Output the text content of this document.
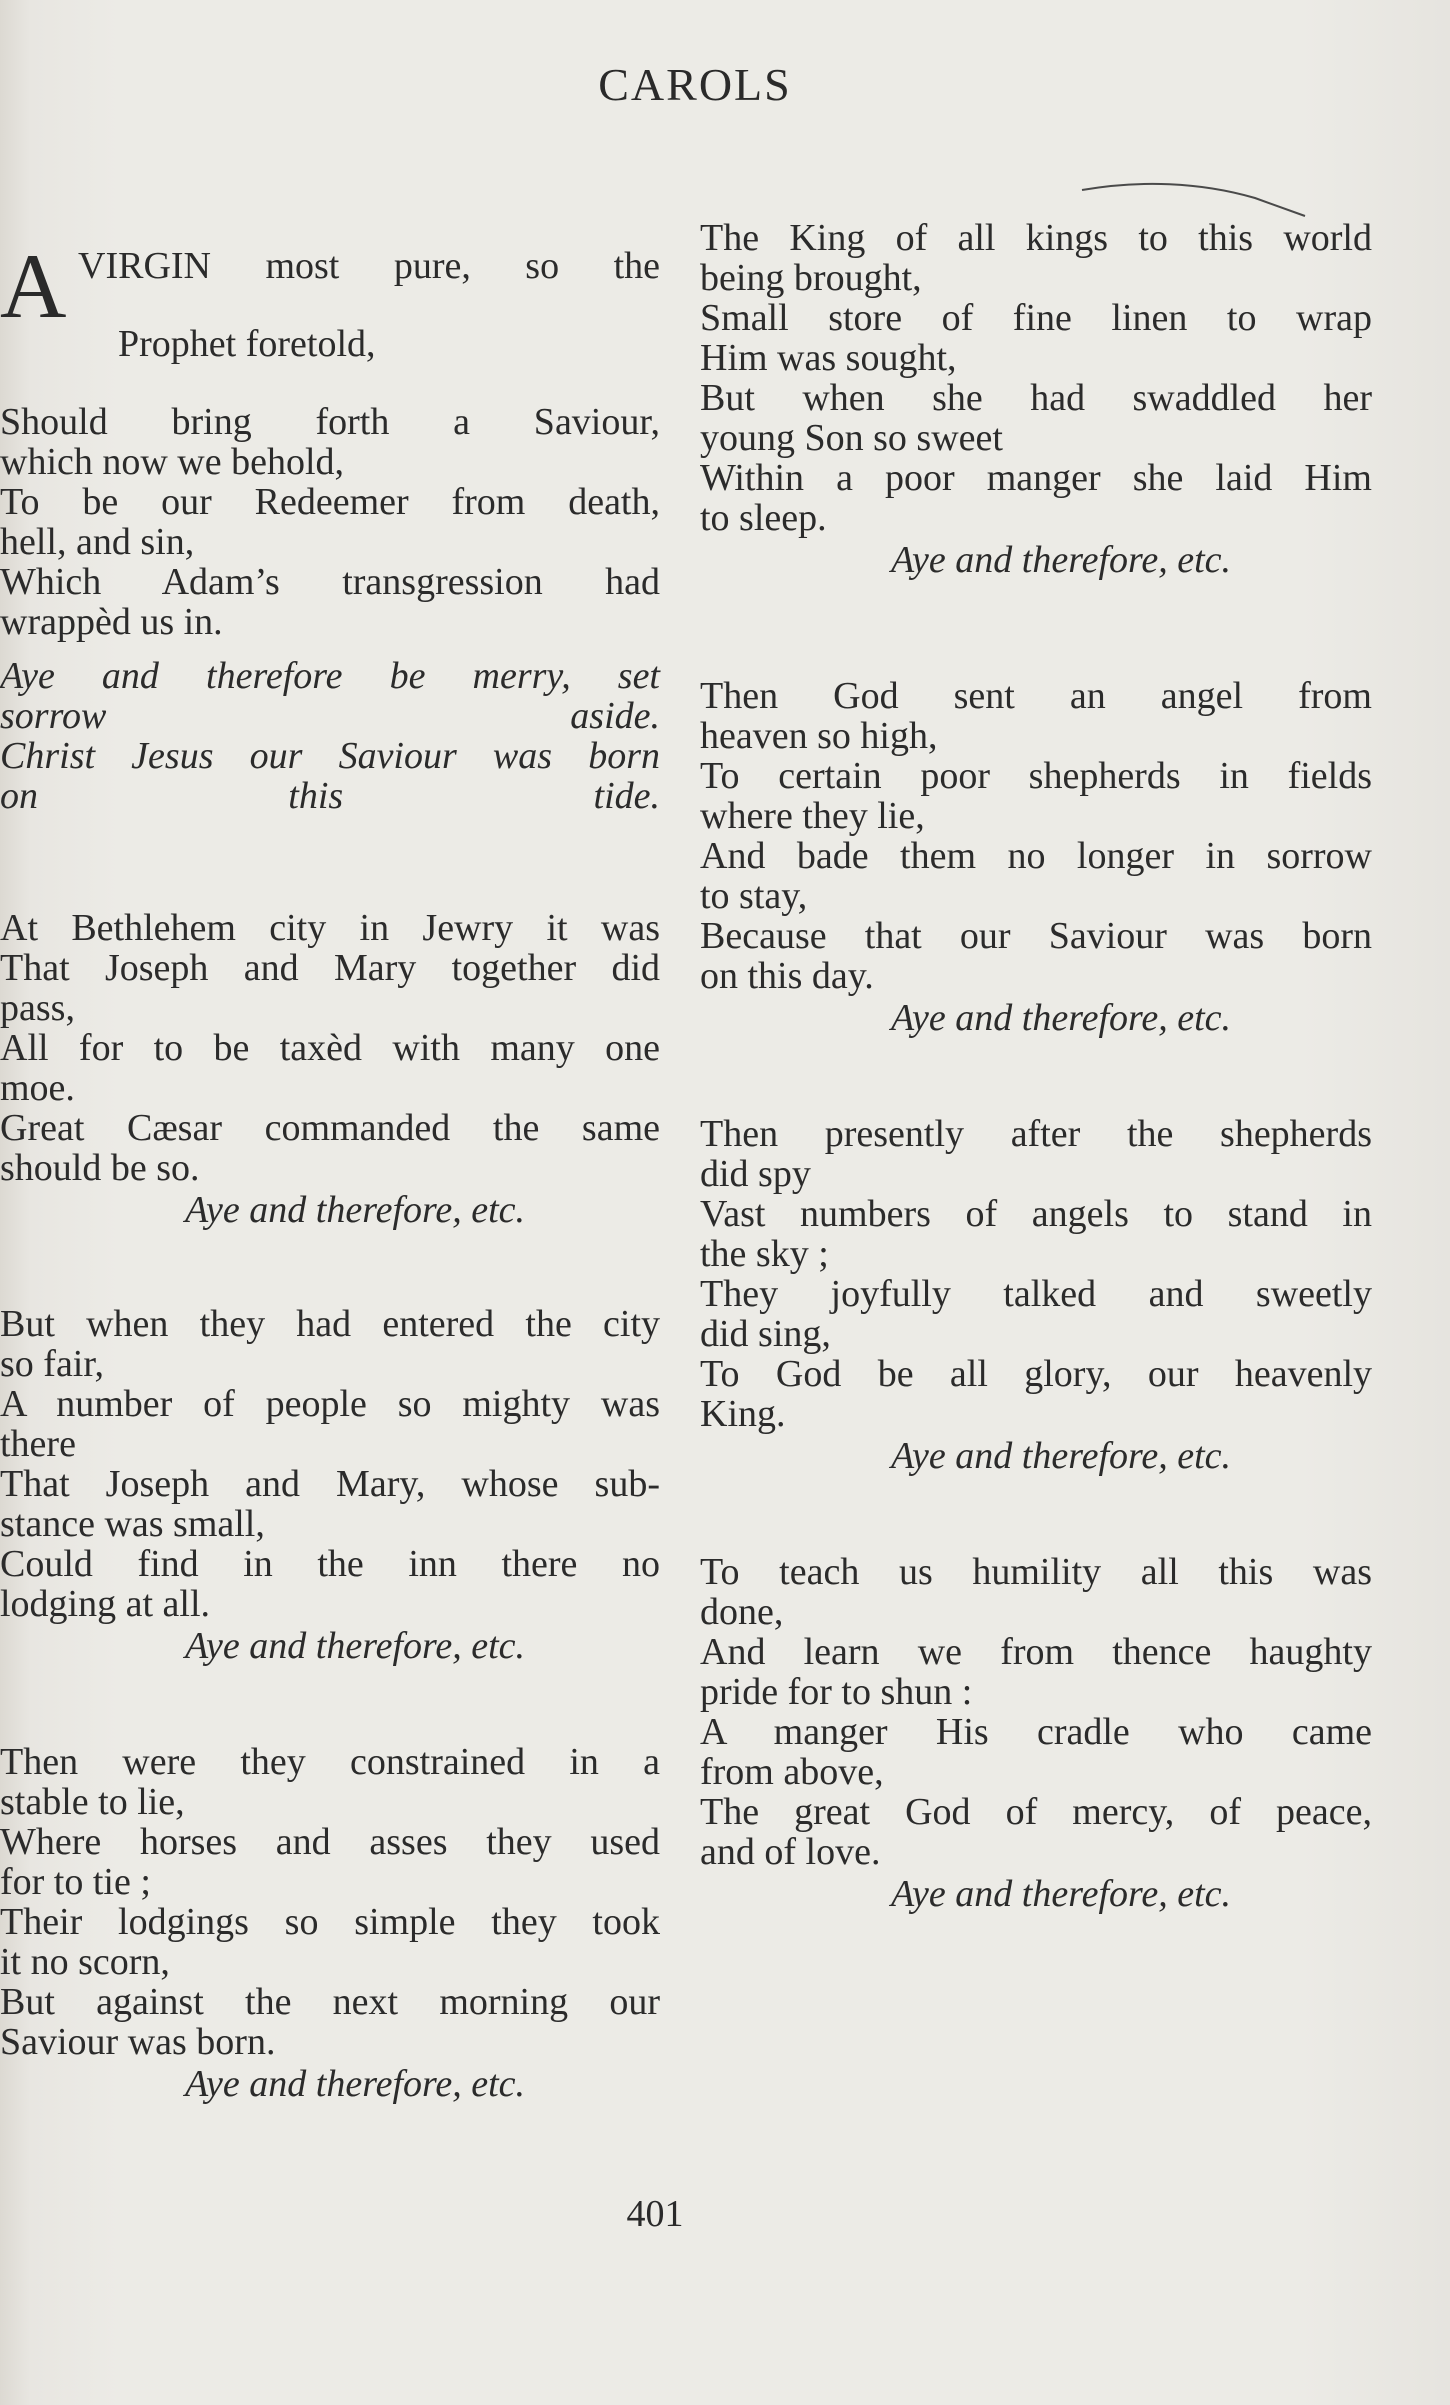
CAROLS
A VIRGIN most pure, so the

Prophet foretold,

Should bring forth a Saviour,

which now we behold,

To be our Redeemer from death,

hell, and sin,

Which Adam’s transgression had

wrappèd us in.

Aye and therefore be merry, set

sorrow aside.

Christ Jesus our Saviour was born

on this tide.

At Bethlehem city in Jewry it was

That Joseph and Mary together did

pass,

All for to be taxèd with many one

moe.

Great Cæsar commanded the same

should be so.

Aye and therefore, etc.

But when they had entered the city

so fair,

A number of people so mighty was

there

That Joseph and Mary, whose sub-

stance was small,

Could find in the inn there no

lodging at all.

Aye and therefore, etc.

Then were they constrained in a

stable to lie,

Where horses and asses they used

for to tie ;

Their lodgings so simple they took

it no scorn,

But against the next morning our

Saviour was born.

Aye and therefore, etc.

The King of all kings to this world

being brought,

Small store of fine linen to wrap

Him was sought,

But when she had swaddled her

young Son so sweet

Within a poor manger she laid Him

to sleep.

Aye and therefore, etc.

Then God sent an angel from

heaven so high,

To certain poor shepherds in fields

where they lie,

And bade them no longer in sorrow

to stay,

Because that our Saviour was born

on this day.

Aye and therefore, etc.

Then presently after the shepherds

did spy

Vast numbers of angels to stand in

the sky ;

They joyfully talked and sweetly

did sing,

To God be all glory, our heavenly

King.

Aye and therefore, etc.

To teach us humility all this was

done,

And learn we from thence haughty

pride for to shun :

A manger His cradle who came

from above,

The great God of mercy, of peace,

and of love.

Aye and therefore, etc.

401
